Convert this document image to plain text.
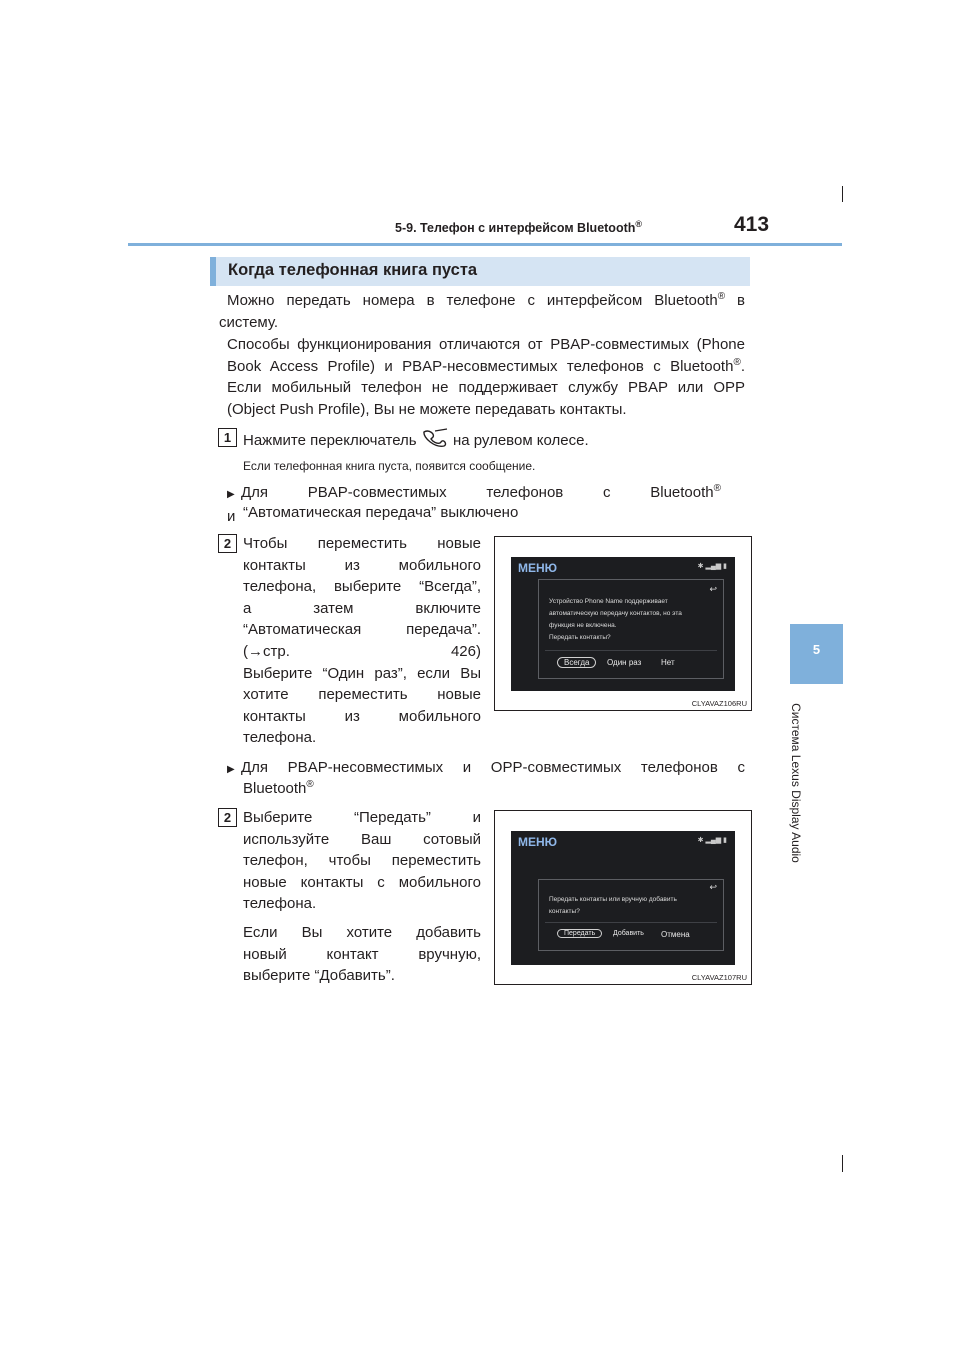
5-9. Телефон с интерфейсом Bluetooth®	413
5
Система Lexus Display Audio
Когда телефонная книга пуста
Можно передать номера в телефоне с интерфейсом Bluetooth® в систему.
Способы функционирования отличаются от PBAP-совместимых (Phone Book Access Profile) и PBAP-несовместимых телефонов с Bluetooth®. Если мобильный телефон не поддерживает службу PBAP или OPP (Object Push Profile), Вы не можете передавать контакты.
1 Нажмите переключатель на рулевом колесе.
Если телефонная книга пуста, появится сообщение.
▶ Для PBAP-совместимых телефонов с Bluetooth® и “Автоматическая передача” выключено
2 Чтобы переместить новые
контакты из мобильного
телефона, выберите “Всегда”,
а затем включите
“Автоматическая передача”.
(→стр. 426)
Выберите “Один раз”, если Вы
хотите переместить новые
контакты из мобильного
телефона.
МЕНЮ	✱ ▂▄▆ ▮
↩
Устройство Phone Name поддерживает
автоматическую передачу контактов, но эта
функция не включена.
Передать контакты?
Всегда	Один раз Нет
CLYAVAZ106RU
▶ Для PBAP-несовместимых и OPP-совместимых телефонов с
Bluetooth®
2 Выберите “Передать” и
используйте Ваш сотовый
телефон, чтобы переместить
новые контакты с мобильного
телефона.
Если Вы хотите добавить
новый контакт вручную,
выберите “Добавить”.
МЕНЮ	✱ ▂▄▆ ▮
↩
Передать контакты или вручную добавить
контакты?
Передать	Добавить Отмена
CLYAVAZ107RU
